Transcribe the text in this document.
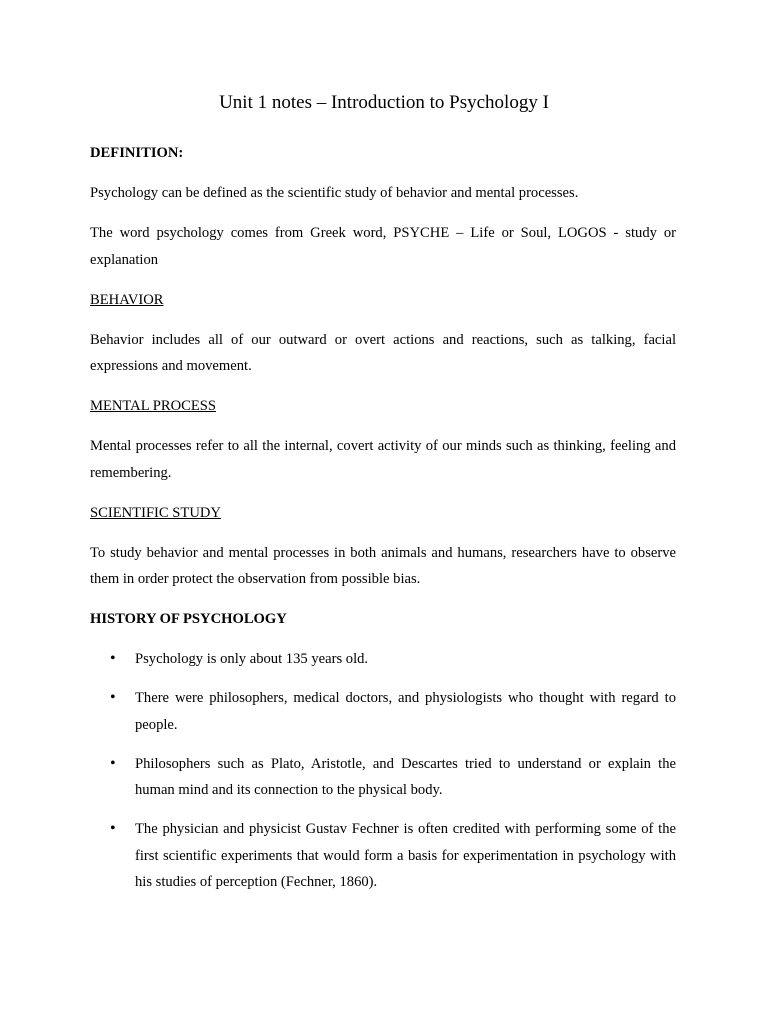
Unit 1 notes – Introduction to Psychology I

DEFINITION:

Psychology can be defined as the scientific study of behavior and mental processes.

The word psychology comes from Greek word, PSYCHE – Life or Soul, LOGOS - study or explanation

BEHAVIOR

Behavior includes all of our outward or overt actions and reactions, such as talking, facial expressions and movement.

MENTAL PROCESS

Mental processes refer to all the internal, covert activity of our minds such as thinking, feeling and remembering.

SCIENTIFIC STUDY

To study behavior and mental processes in both animals and humans, researchers have to observe them in order protect the observation from possible bias.

HISTORY OF PSYCHOLOGY

• Psychology is only about 135 years old.
• There were philosophers, medical doctors, and physiologists who thought with regard to people.
• Philosophers such as Plato, Aristotle, and Descartes tried to understand or explain the human mind and its connection to the physical body.
• The physician and physicist Gustav Fechner is often credited with performing some of the first scientific experiments that would form a basis for experimentation in psychology with his studies of perception (Fechner, 1860).
